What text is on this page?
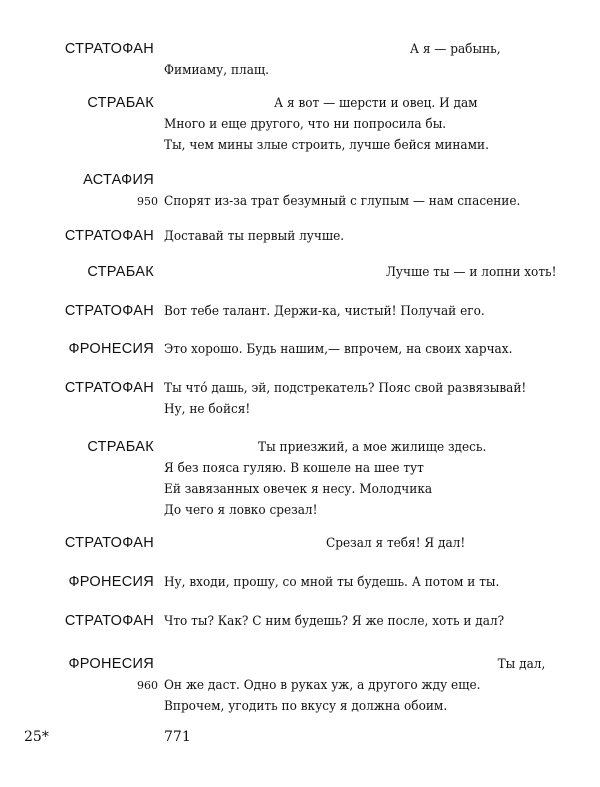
СТРАТОФАН	А я — рабынь,
Фимиаму, плащ.
СТРАБАК	А я вот — шерсти и овец. И дам
Много и еще другого, что ни попросила бы.
Ты, чем мины злые строить, лучше бейся минами.
АСТАФИЯ
950 Спорят из-за трат безумный с глупым — нам спасение.
СТРАТОФАН Доставай ты первый лучше.
СТРАБАК	Лучше ты — и лопни хоть!
СТРАТОФАН Вот тебе талант. Держи-ка, чистый! Получай его.
ФРОНЕСИЯ Это хорошо. Будь нашим,— впрочем, на своих харчах.
СТРАТОФАН Ты что́ дашь, эй, подстрекатель? Пояс свой развязывай!
Ну, не бойся!
СТРАБАК	Ты приезжий, а мое жилище здесь.
Я без пояса гуляю. В кошеле на шее тут
Ей завязанных овечек я несу. Молодчика
До чего я ловко срезал!
СТРАТОФАН	Срезал я тебя! Я дал!
ФРОНЕСИЯ Ну, входи, прошу, со мной ты будешь. А потом и ты.
СТРАТОФАН Что ты? Как? С ним будешь? Я же после, хоть и дал?
ФРОНЕСИЯ	Ты дал,
960 Он же даст. Одно в руках уж, а другого жду еще.
Впрочем, угодить по вкусу я должна обоим.
25*	771
